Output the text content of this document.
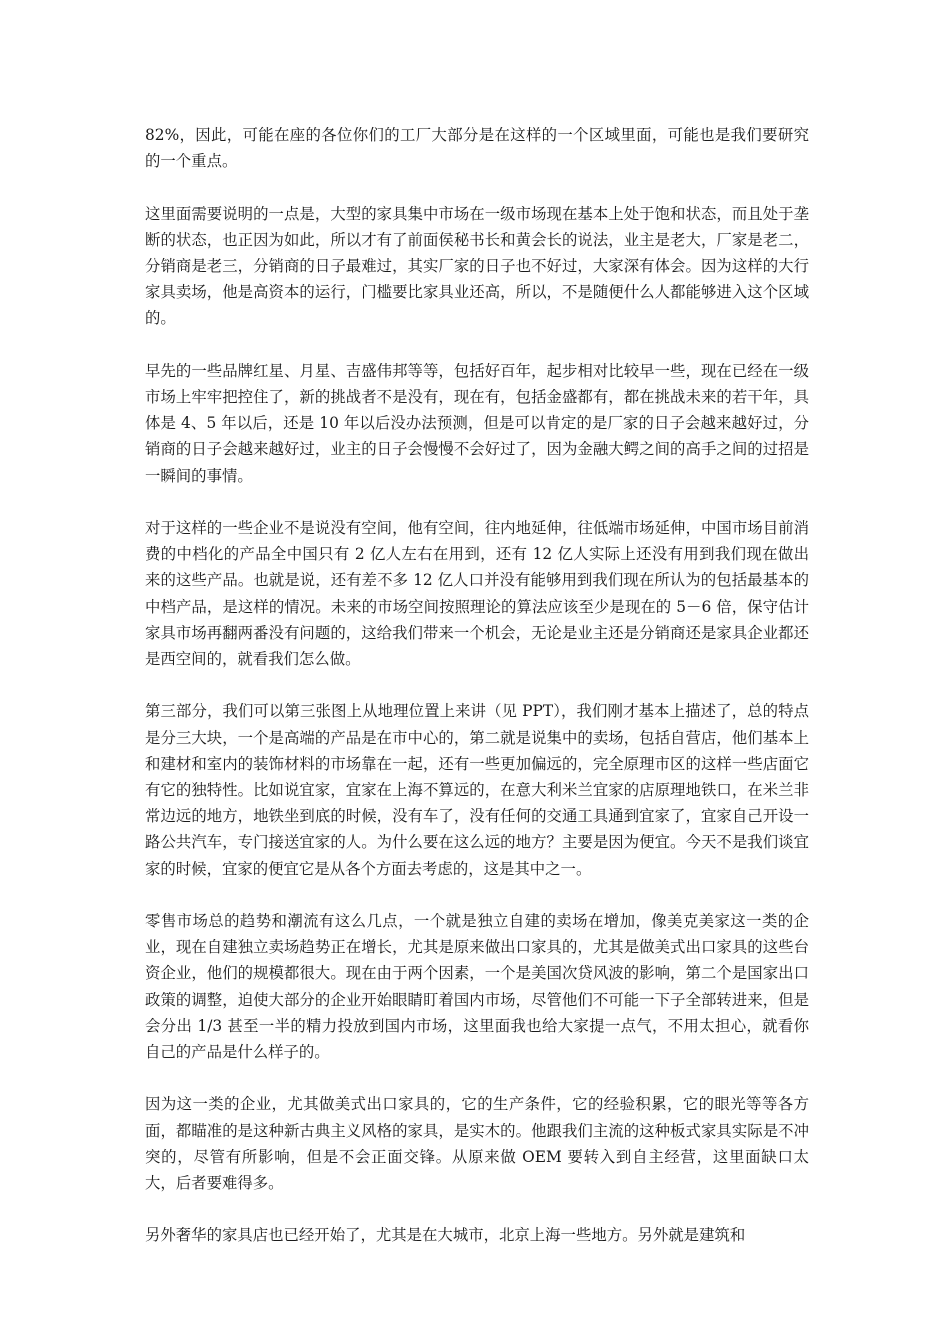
82%，因此，可能在座的各位你们的工厂大部分是在这样的一个区域里面，可能也是我们要研究的一个重点。

这里面需要说明的一点是，大型的家具集中市场在一级市场现在基本上处于饱和状态，而且处于垄断的状态，也正因为如此，所以才有了前面侯秘书长和黄会长的说法，业主是老大，厂家是老二，分销商是老三，分销商的日子最难过，其实厂家的日子也不好过，大家深有体会。因为这样的大行家具卖场，他是高资本的运行，门槛要比家具业还高，所以，不是随便什么人都能够进入这个区域的。

早先的一些品牌红星、月星、吉盛伟邦等等，包括好百年，起步相对比较早一些，现在已经在一级市场上牢牢把控住了，新的挑战者不是没有，现在有，包括金盛都有，都在挑战未来的若干年，具体是 4、5 年以后，还是 10 年以后没办法预测，但是可以肯定的是厂家的日子会越来越好过，分销商的日子会越来越好过，业主的日子会慢慢不会好过了，因为金融大鳄之间的高手之间的过招是一瞬间的事情。

对于这样的一些企业不是说没有空间，他有空间，往内地延伸，往低端市场延伸，中国市场目前消费的中档化的产品全中国只有 2 亿人左右在用到，还有 12 亿人实际上还没有用到我们现在做出来的这些产品。也就是说，还有差不多 12 亿人口并没有能够用到我们现在所认为的包括最基本的中档产品，是这样的情况。未来的市场空间按照理论的算法应该至少是现在的 5－6 倍，保守估计家具市场再翻两番没有问题的，这给我们带来一个机会，无论是业主还是分销商还是家具企业都还是西空间的，就看我们怎么做。

第三部分，我们可以第三张图上从地理位置上来讲（见 PPT），我们刚才基本上描述了，总的特点是分三大块，一个是高端的产品是在市中心的，第二就是说集中的卖场，包括自营店，他们基本上和建材和室内的装饰材料的市场靠在一起，还有一些更加偏远的，完全原理市区的这样一些店面它有它的独特性。比如说宜家，宜家在上海不算远的，在意大利米兰宜家的店原理地铁口，在米兰非常边远的地方，地铁坐到底的时候，没有车了，没有任何的交通工具通到宜家了，宜家自己开设一路公共汽车，专门接送宜家的人。为什么要在这么远的地方？主要是因为便宜。今天不是我们谈宜家的时候，宜家的便宜它是从各个方面去考虑的，这是其中之一。

零售市场总的趋势和潮流有这么几点，一个就是独立自建的卖场在增加，像美克美家这一类的企业，现在自建独立卖场趋势正在增长，尤其是原来做出口家具的，尤其是做美式出口家具的这些台资企业，他们的规模都很大。现在由于两个因素，一个是美国次贷风波的影响，第二个是国家出口政策的调整，迫使大部分的企业开始眼睛盯着国内市场，尽管他们不可能一下子全部转进来，但是会分出 1/3 甚至一半的精力投放到国内市场，这里面我也给大家提一点气，不用太担心，就看你自己的产品是什么样子的。

因为这一类的企业，尤其做美式出口家具的，它的生产条件，它的经验积累，它的眼光等等各方面，都瞄准的是这种新古典主义风格的家具，是实木的。他跟我们主流的这种板式家具实际是不冲突的，尽管有所影响，但是不会正面交锋。从原来做 OEM 要转入到自主经营，这里面缺口太大，后者要难得多。

另外奢华的家具店也已经开始了，尤其是在大城市，北京上海一些地方。另外就是建筑和
